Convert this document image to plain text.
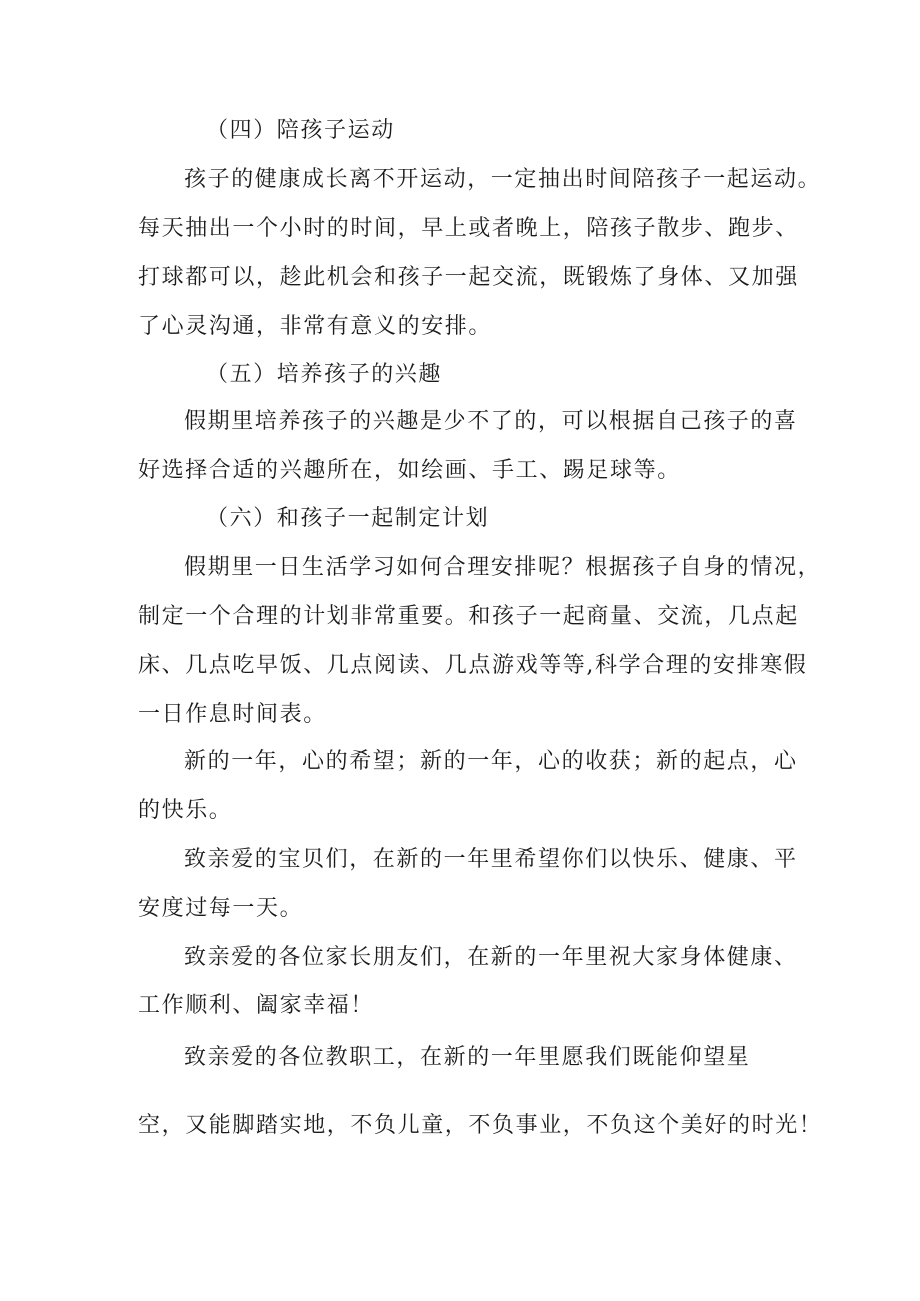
（四）陪孩子运动
孩子的健康成长离不开运动，一定抽出时间陪孩子一起运动。
每天抽出一个小时的时间，早上或者晚上，陪孩子散步、跑步、
打球都可以，趁此机会和孩子一起交流，既锻炼了身体、又加强
了心灵沟通，非常有意义的安排。
（五）培养孩子的兴趣
假期里培养孩子的兴趣是少不了的，可以根据自己孩子的喜
好选择合适的兴趣所在，如绘画、手工、踢足球等。
（六）和孩子一起制定计划
假期里一日生活学习如何合理安排呢？根据孩子自身的情况，
制定一个合理的计划非常重要。和孩子一起商量、交流，几点起
床、几点吃早饭、几点阅读、几点游戏等等,科学合理的安排寒假
一日作息时间表。
新的一年，心的希望；新的一年，心的收获；新的起点，心
的快乐。
致亲爱的宝贝们，在新的一年里希望你们以快乐、健康、平
安度过每一天。
致亲爱的各位家长朋友们，在新的一年里祝大家身体健康、
工作顺利、阖家幸福！
致亲爱的各位教职工，在新的一年里愿我们既能仰望星
空，又能脚踏实地，不负儿童，不负事业，不负这个美好的时光！
